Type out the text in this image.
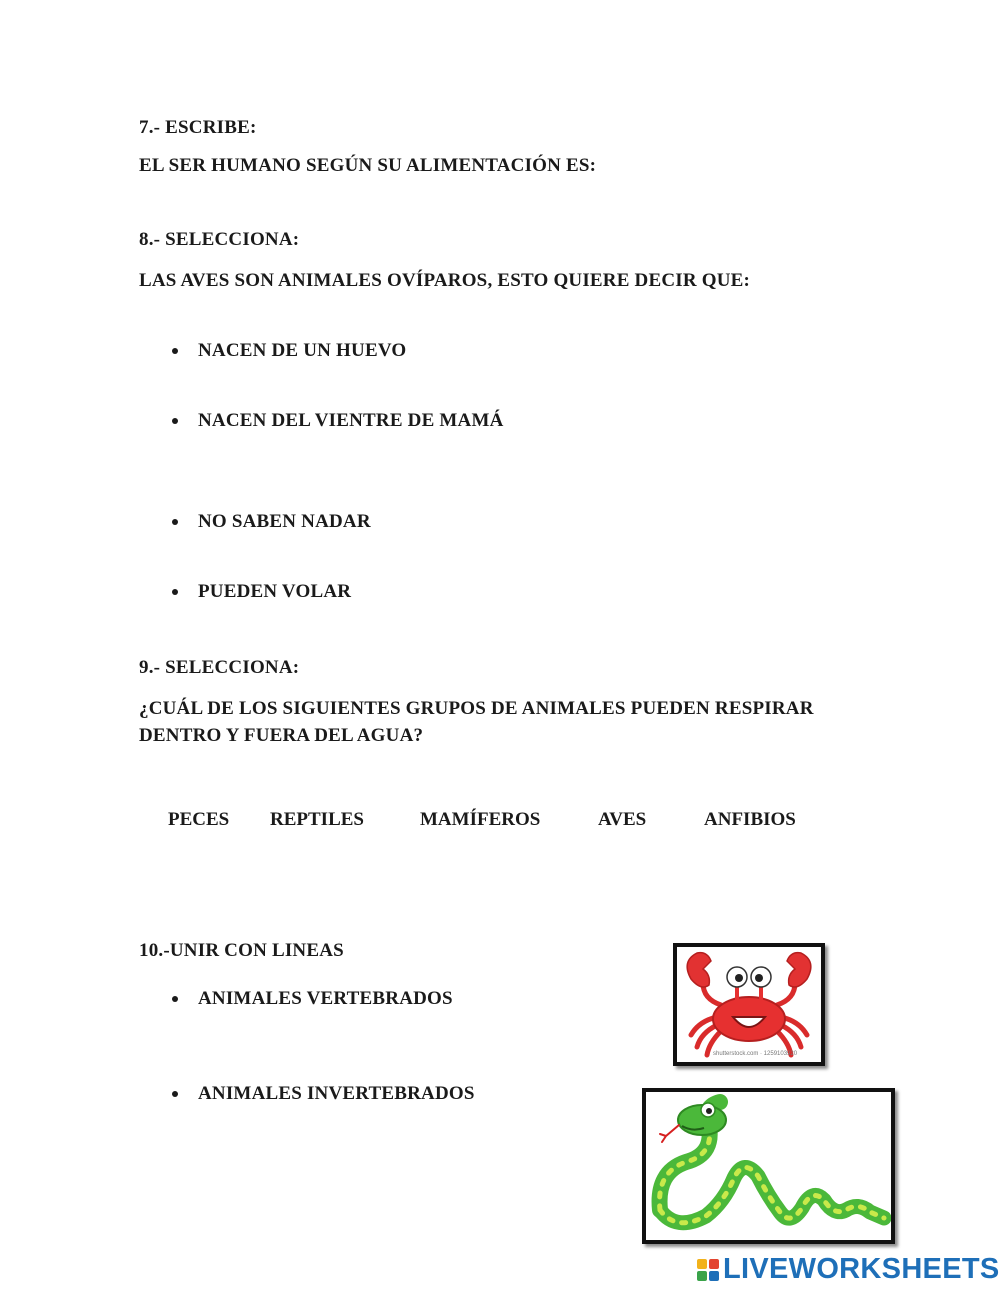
7.- ESCRIBE:
EL SER HUMANO SEGÚN SU ALIMENTACIÓN ES:
8.- SELECCIONA:
LAS AVES SON ANIMALES OVÍPAROS, ESTO QUIERE DECIR QUE:
NACEN DE UN HUEVO
NACEN DEL VIENTRE DE MAMÁ
NO SABEN NADAR
PUEDEN VOLAR
9.- SELECCIONA:
¿CUÁL DE LOS SIGUIENTES GRUPOS DE ANIMALES PUEDEN RESPIRAR
DENTRO Y FUERA DEL AGUA?
PECES REPTILES	MAMÍFEROS	AVES	ANFIBIOS
10.-UNIR CON LINEAS
ANIMALES VERTEBRADOS
ANIMALES INVERTEBRADOS
shutterstock.com · 1259103920
LIVEWORKSHEETS
